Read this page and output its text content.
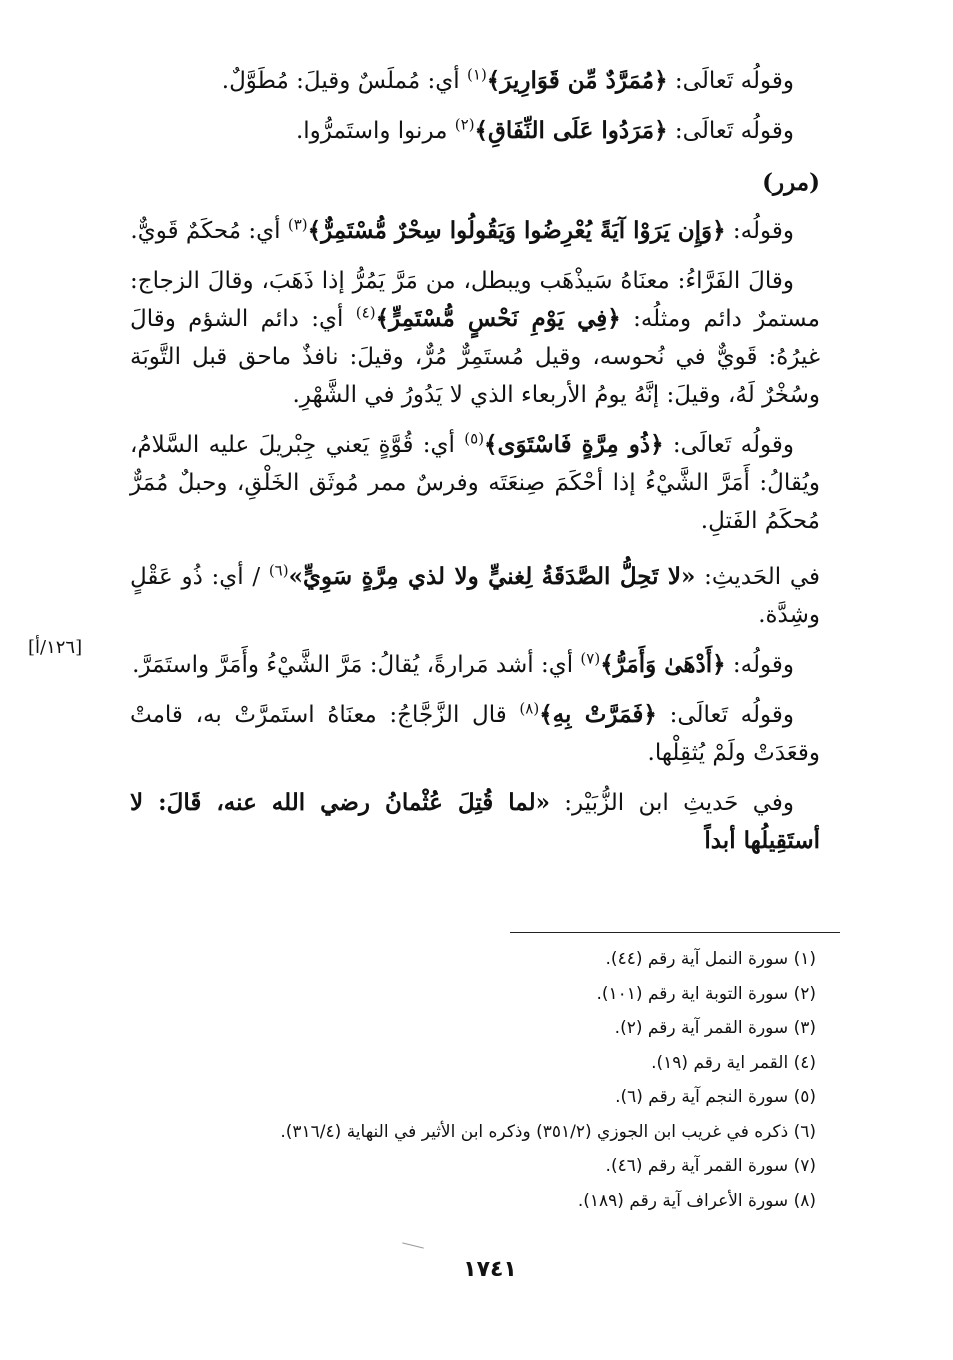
وقولُه تَعالَى: ﴿مُمَرَّدٌ مِّن قَوَارِيرَ﴾$^{(١)}$ أي: مُملَسٌ وقيلَ: مُطَوَّلٌ.

وقولُه تَعالَى: ﴿مَرَدُوا عَلَى النِّفَاقِ﴾$^{(٢)}$ مرنوا واستَمرُّوا.

(مرر)

وقولُه: ﴿وَإِن يَرَوْا آيَةً يُعْرِضُوا وَيَقُولُوا سِحْرٌ مُّسْتَمِرٌّ﴾$^{(٣)}$ أي: مُحكَمٌ قَويٌّ.

وقالَ الفَرَّاءُ: معنَاهُ سَيذْهَب ويبطل، من مَرَّ يَمُرُّ إذا ذَهَبَ، وقالَ الزجاج: مستمرٌ دائم ومثلُه: ﴿فِي يَوْمِ نَحْسٍ مُّسْتَمِرٍّ﴾$^{(٤)}$ أي: دائم الشؤم وقالَ غيرُهُ: قَويٌّ في نُحوسه، وقيل مُستَمِرٌّ مُرٌّ، وقيلَ: نافذٌ ماحق قبل التَّوبَة وسُخْرٌ لَهُ، وقيلَ: إنَّهُ يومُ الأربعاء الذي لا يَدُورُ في الشَّهْرِ.

وقولُه تَعالَى: ﴿ذُو مِرَّةٍ فَاسْتَوَى﴾$^{(٥)}$ أي: قُوَّةٍ يَعني جِبْريلَ عليه السَّلامُ، ويُقالُ: أَمَرَّ الشَّيْءُ إذا أحْكَمَ صِنعَتَه وفرسٌ ممر مُوثَق الخَلْقِ، وحبلٌ مُمَرٌّ مُحكَمُ الفَتلِ.

في الحَديثِ: «لا تَحِلُّ الصَّدَقَةُ لِغنيٍّ ولا لذي مِرَّةٍ سَوِيٍّ»$^{(٦)}$ / أي: ذُو عَقْلٍ وشِدَّة.

وقولُه: ﴿أَدْهَىٰ وَأَمَرُّ﴾$^{(٧)}$ أي: أشد مَرارةً، يُقالُ: مَرَّ الشَّيْءُ وأَمَرَّ واستَمَرَّ.

وقولُه تَعالَى: ﴿فَمَرَّتْ بِهِ﴾$^{(٨)}$ قال الزَّجَّاجُ: معنَاهُ استَمرَّتْ به، قامتْ وقعَدَتْ ولَمْ يُثقِلْها.

وفي حَديثِ ابن الزُّبَيْر: «لما قُتِلَ عُثْمانُ رضي الله عنه، قَالَ: لا أستَقِيلُها أبداً

[١٢٦/أ]

(١) سورة النمل آية رقم (٤٤).

(٢) سورة التوبة اية رقم (١٠١).

(٣) سورة القمر آية رقم (٢).

(٤) القمر اية رقم (١٩).

(٥) سورة النجم آية رقم (٦).

(٦) ذكره في غريب ابن الجوزي (٣٥١/٢) وذكره ابن الأثير في النهاية (٣١٦/٤).

(٧) سورة القمر آية رقم (٤٦).

(٨) سورة الأعراف آية رقم (١٨٩).

١٧٤١
